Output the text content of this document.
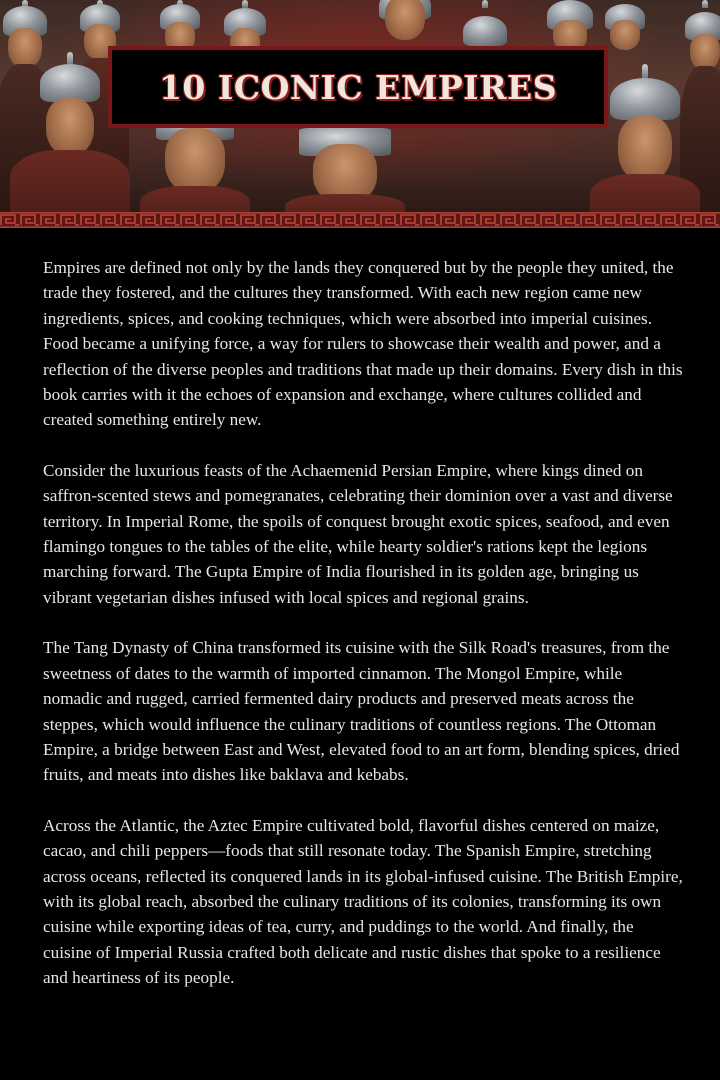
10 ICONIC EMPIRES

Empires are defined not only by the lands they conquered but by the people they united, the trade they fostered, and the cultures they transformed. With each new region came new ingredients, spices, and cooking techniques, which were absorbed into imperial cuisines. Food became a unifying force, a way for rulers to showcase their wealth and power, and a reflection of the diverse peoples and traditions that made up their domains. Every dish in this book carries with it the echoes of expansion and exchange, where cultures collided and created something entirely new.

Consider the luxurious feasts of the Achaemenid Persian Empire, where kings dined on saffron-scented stews and pomegranates, celebrating their dominion over a vast and diverse territory. In Imperial Rome, the spoils of conquest brought exotic spices, seafood, and even flamingo tongues to the tables of the elite, while hearty soldier's rations kept the legions marching forward. The Gupta Empire of India flourished in its golden age, bringing us vibrant vegetarian dishes infused with local spices and regional grains.

The Tang Dynasty of China transformed its cuisine with the Silk Road's treasures, from the sweetness of dates to the warmth of imported cinnamon. The Mongol Empire, while nomadic and rugged, carried fermented dairy products and preserved meats across the steppes, which would influence the culinary traditions of countless regions. The Ottoman Empire, a bridge between East and West, elevated food to an art form, blending spices, dried fruits, and meats into dishes like baklava and kebabs.

Across the Atlantic, the Aztec Empire cultivated bold, flavorful dishes centered on maize, cacao, and chili peppers—foods that still resonate today. The Spanish Empire, stretching across oceans, reflected its conquered lands in its global-infused cuisine. The British Empire, with its global reach, absorbed the culinary traditions of its colonies, transforming its own cuisine while exporting ideas of tea, curry, and puddings to the world. And finally, the cuisine of Imperial Russia crafted both delicate and rustic dishes that spoke to a resilience and heartiness of its people.
